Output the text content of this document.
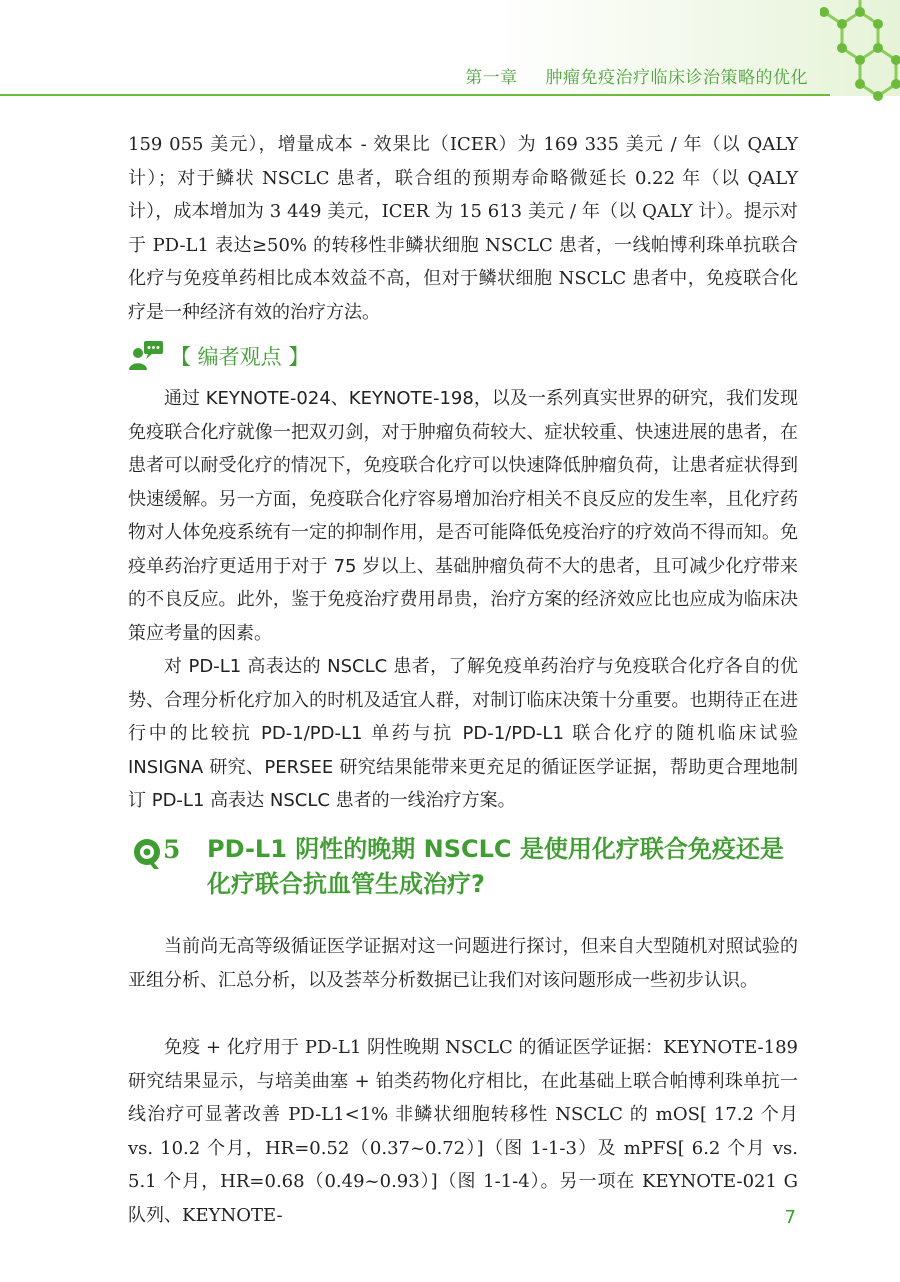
第一章 肿瘤免疫治疗临床诊治策略的优化

159 055 美元），增量成本 - 效果比（ICER）为 169 335 美元 / 年（以 QALY 计）；对于鳞状 NSCLC 患者，联合组的预期寿命略微延长 0.22 年（以 QALY 计），成本增加为 3 449 美元，ICER 为 15 613 美元 / 年（以 QALY 计）。提示对于 PD-L1 表达≥50% 的转移性非鳞状细胞 NSCLC 患者，一线帕博利珠单抗联合化疗与免疫单药相比成本效益不高，但对于鳞状细胞 NSCLC 患者中，免疫联合化疗是一种经济有效的治疗方法。

【 编者观点 】

通过 KEYNOTE-024、KEYNOTE-198，以及一系列真实世界的研究，我们发现免疫联合化疗就像一把双刃剑，对于肿瘤负荷较大、症状较重、快速进展的患者，在患者可以耐受化疗的情况下，免疫联合化疗可以快速降低肿瘤负荷，让患者症状得到快速缓解。另一方面，免疫联合化疗容易增加治疗相关不良反应的发生率，且化疗药物对人体免疫系统有一定的抑制作用，是否可能降低免疫治疗的疗效尚不得而知。免疫单药治疗更适用于对于 75 岁以上、基础肿瘤负荷不大的患者，且可减少化疗带来的不良反应。此外，鉴于免疫治疗费用昂贵，治疗方案的经济效应比也应成为临床决策应考量的因素。

对 PD-L1 高表达的 NSCLC 患者，了解免疫单药治疗与免疫联合化疗各自的优势、合理分析化疗加入的时机及适宜人群，对制订临床决策十分重要。也期待正在进行中的比较抗 PD-1/PD-L1 单药与抗 PD-1/PD-L1 联合化疗的随机临床试验 INSIGNA 研究、PERSEE 研究结果能带来更充足的循证医学证据，帮助更合理地制订 PD-L1 高表达 NSCLC 患者的一线治疗方案。

5 PD-L1 阴性的晚期 NSCLC 是使用化疗联合免疫还是化疗联合抗血管生成治疗?

当前尚无高等级循证医学证据对这一问题进行探讨，但来自大型随机对照试验的亚组分析、汇总分析，以及荟萃分析数据已让我们对该问题形成一些初步认识。

免疫 + 化疗用于 PD-L1 阴性晚期 NSCLC 的循证医学证据：KEYNOTE-189 研究结果显示，与培美曲塞 + 铂类药物化疗相比，在此基础上联合帕博利珠单抗一线治疗可显著改善 PD-L1<1% 非鳞状细胞转移性 NSCLC 的 mOS[ 17.2 个月 vs. 10.2 个月，HR=0.52（0.37~0.72）]（图 1-1-3）及 mPFS[ 6.2 个月 vs. 5.1 个月，HR=0.68（0.49~0.93）]（图 1-1-4）。另一项在 KEYNOTE-021 G 队列、KEYNOTE-	7
